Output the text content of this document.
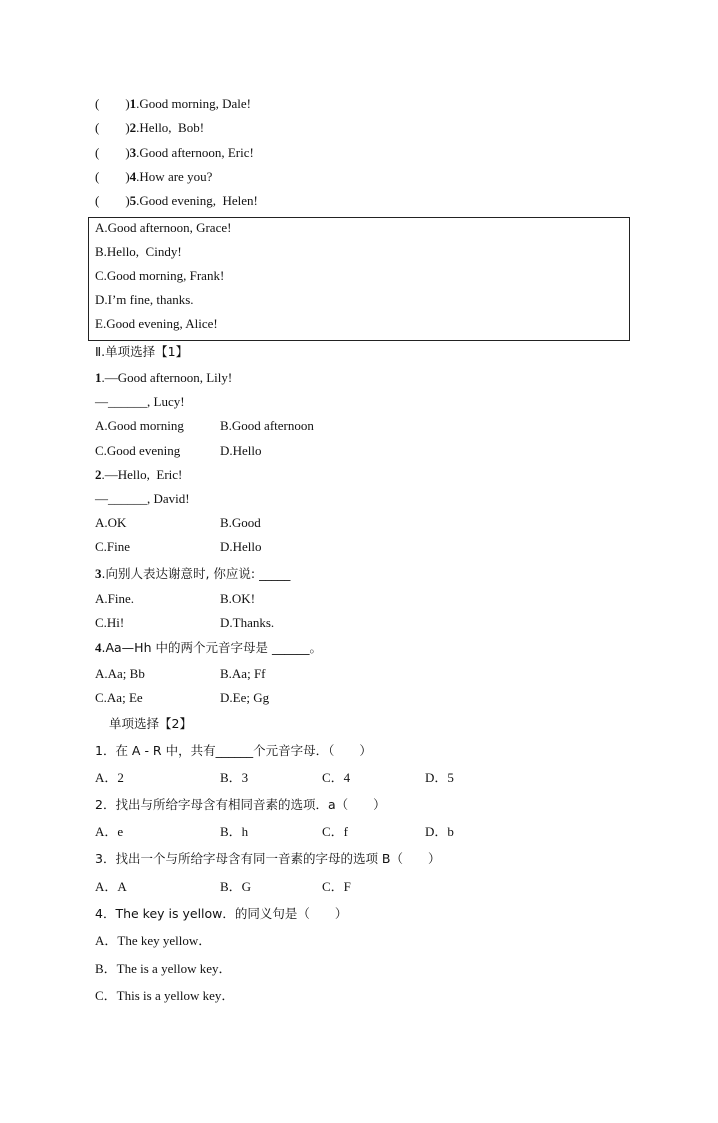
(        )1.Good morning, Dale!
(        )2.Hello,  Bob!
(        )3.Good afternoon, Eric!
(        )4.How are you?
(        )5.Good evening,  Helen!
A.Good afternoon, Grace!
B.Hello,  Cindy!
C.Good morning, Frank!
D.I’m fine, thanks.
E.Good evening, Alice!
Ⅱ.单项选择【1】
1.—Good afternoon, Lily!
—______, Lucy!
A.Good morning	B.Good afternoon
C.Good evening	D.Hello
2.—Hello,  Eric!
—______, David!
A.OK	B.Good
C.Fine	D.Hello
3.向别人表达谢意时, 你应说: _____
A.Fine.	B.OK!
C.Hi!	D.Thanks.
4.Aa—Hh 中的两个元音字母是 ______。
A.Aa; Bb	B.Aa; Ff
C.Aa; Ee	D.Ee; Gg
单项选择【2】
1．在 A - R 中，共有______个元音字母．（　　）
A．2	B．3	C．4	D．5
2．找出与所给字母含有相同音素的选项．a（　　）
A．e	B．h	C．f	D．b
3．找出一个与所给字母含有同一音素的字母的选项 B（　　）
A．A	B．G	C．F
4．The key is yellow．的同义句是（　　）
A．The key yellow．
B．The is a yellow key．
C．This is a yellow key．
